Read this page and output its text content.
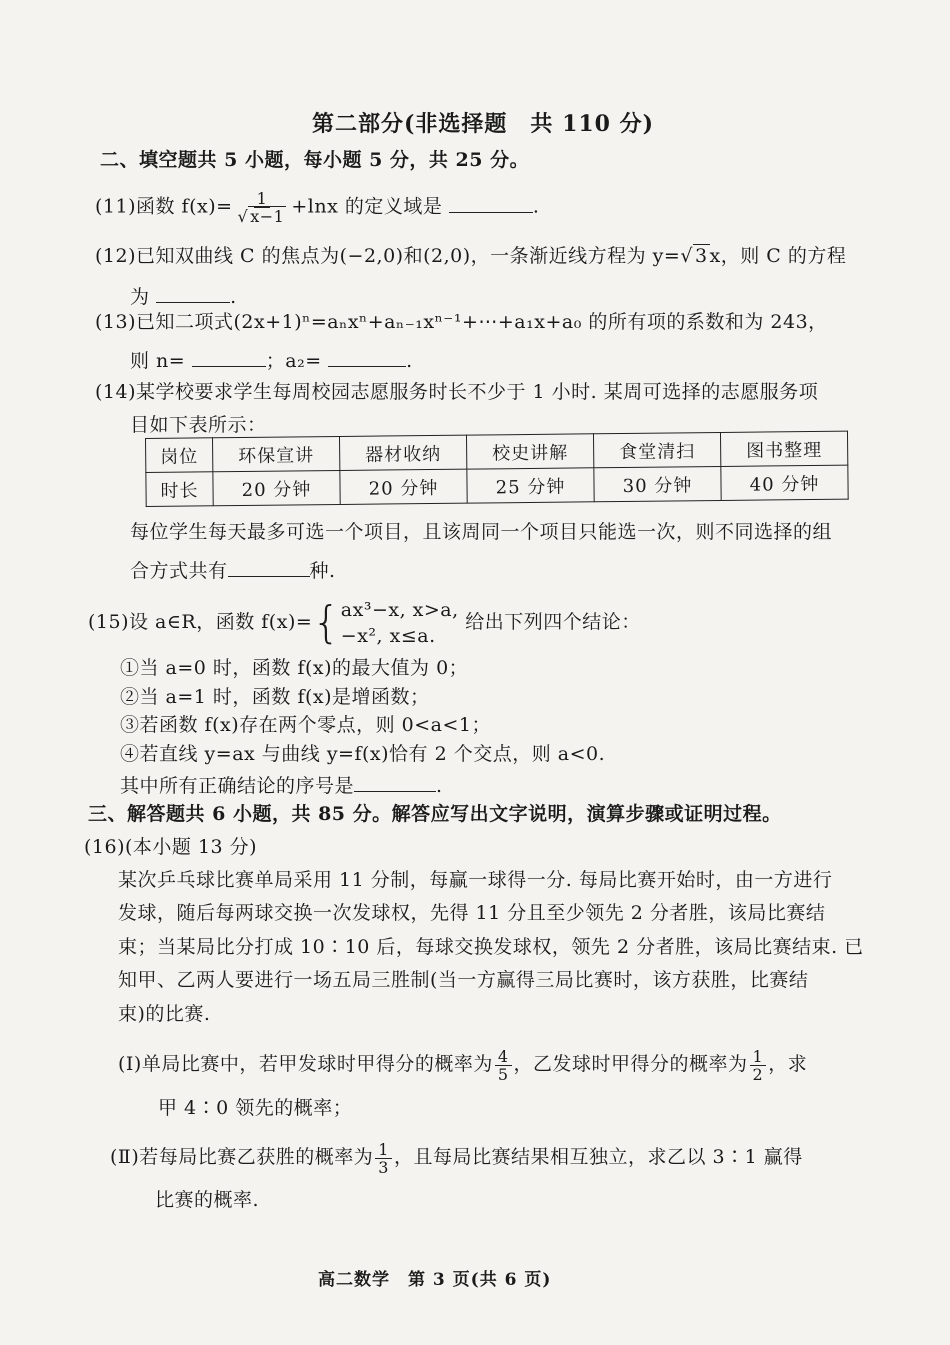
第二部分(非选择题　共 110 分)
二、填空题共 5 小题，每小题 5 分，共 25 分。
(11)函数 $f(x)= \frac{1}{√ x-1} +\ln x$ 的定义域是	.
(12)已知双曲线 C 的焦点为(−2,0)和(2,0)，一条渐近线方程为 y=√ 3 x，则 C 的方程
为	.
(13)已知二项式(2x+1)ⁿ=aₙxⁿ+aₙ₋₁xⁿ⁻¹+⋯+a₁x+a₀ 的所有项的系数和为 243，
则 n=	；a₂=	.
(14)某学校要求学生每周校园志愿服务时长不少于 1 小时. 某周可选择的志愿服务项
目如下表所示：
岗位	环保宣讲	器材收纳	校史讲解	食堂清扫	图书整理
时长	20 分钟	20 分钟	25 分钟	30 分钟	40 分钟
每位学生每天最多可选一个项目，且该周同一个项目只能选一次，则不同选择的组
合方式共有	种.
(15)设 a∈R，函数 f(x)={ ax³−x, x>a,
−x², x≤a.
给出下列四个结论：
①当 a=0 时，函数 f(x)的最大值为 0；
②当 a=1 时，函数 f(x)是增函数；
③若函数 f(x)存在两个零点，则 0<a<1；
④若直线 y=ax 与曲线 y=f(x)恰有 2 个交点，则 a<0.
其中所有正确结论的序号是	.
三、解答题共 6 小题，共 85 分。解答应写出文字说明，演算步骤或证明过程。
(16)(本小题 13 分)
某次乒乓球比赛单局采用 11 分制，每赢一球得一分. 每局比赛开始时，由一方进行
发球，随后每两球交换一次发球权，先得 11 分且至少领先 2 分者胜，该局比赛结
束；当某局比分打成 10∶10 后，每球交换发球权，领先 2 分者胜，该局比赛结束. 已
知甲、乙两人要进行一场五局三胜制(当一方赢得三局比赛时，该方获胜，比赛结
束)的比赛.
(Ⅰ)单局比赛中，若甲发球时甲得分的概率为 $\frac{4}{5}$ ，乙发球时甲得分的概率为 $\frac{1}{2}$ ，求
甲 4∶0 领先的概率；
(Ⅱ)若每局比赛乙获胜的概率为 $\frac{1}{3}$ ，且每局比赛结果相互独立，求乙以 3∶1 赢得
比赛的概率.
高二数学　第 3 页(共 6 页)
